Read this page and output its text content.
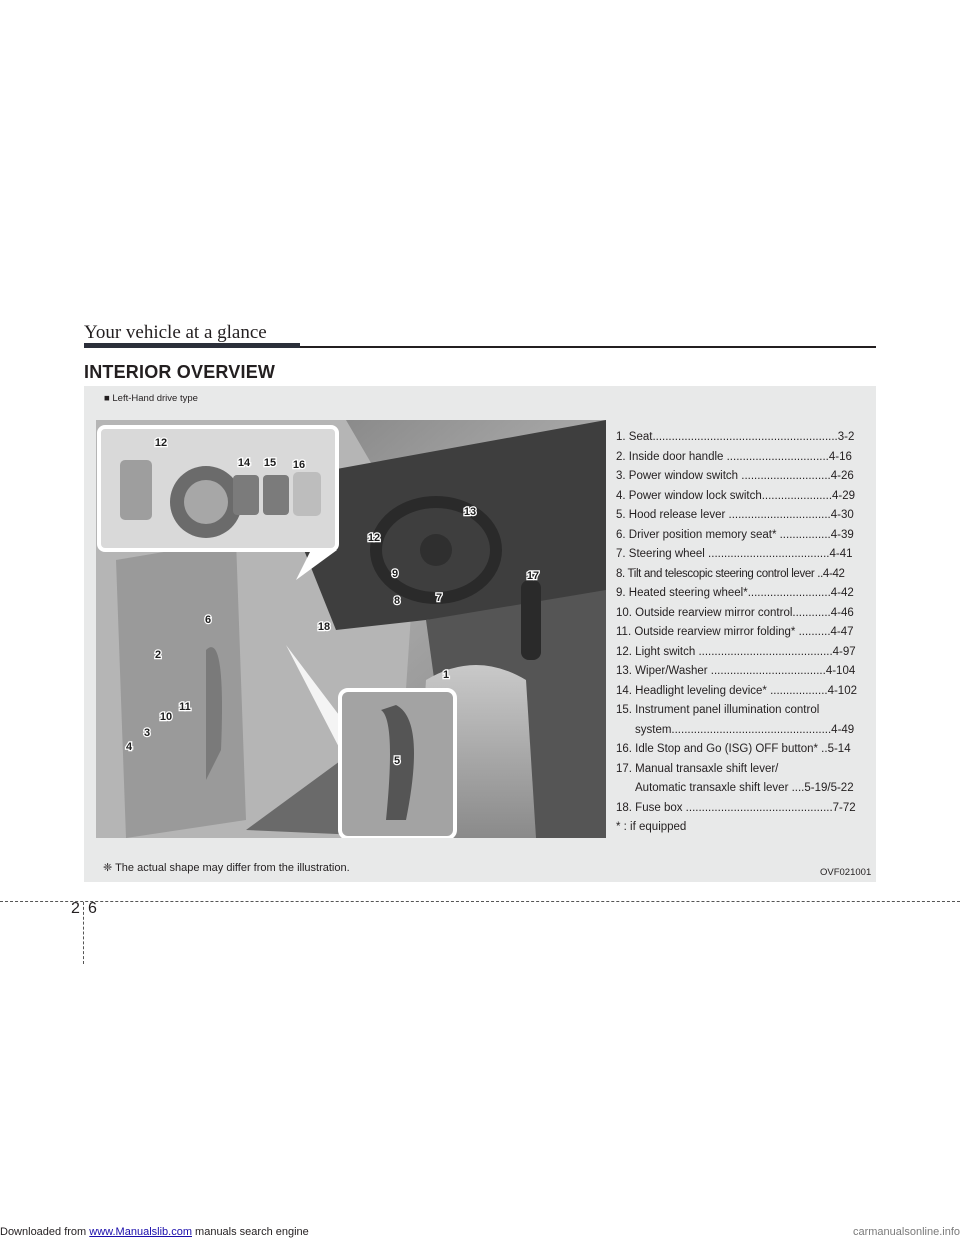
Your vehicle at a glance
INTERIOR OVERVIEW
■ Left-Hand drive type
1
2
3
4
5
6
7
8
9
10
11
12
12
13
14 15 16
17
18
1. Seat..........................................................3-2
2. Inside door handle ................................4-16
3. Power window switch ............................4-26
4. Power window lock switch......................4-29
5. Hood release lever ................................4-30
6. Driver position memory seat* ................4-39
7. Steering wheel ......................................4-41
8. Tilt and telescopic steering control lever ..4-42
9. Heated steering wheel*..........................4-42
10. Outside rearview mirror control............4-46
11. Outside rearview mirror folding* ..........4-47
12. Light switch ..........................................4-97
13. Wiper/Washer ....................................4-104
14. Headlight leveling device* ..................4-102
15. Instrument panel illumination control
system..................................................4-49
16. Idle Stop and Go (ISG) OFF button* ..5-14
17. Manual transaxle shift lever/
Automatic transaxle shift lever ....5-19/5-22
18. Fuse box ..............................................7-72
* : if equipped
❈ The actual shape may differ from the illustration.	OVF021001
2 6
Downloaded from www.Manualslib.com manuals search engine	carmanualsonline.info
